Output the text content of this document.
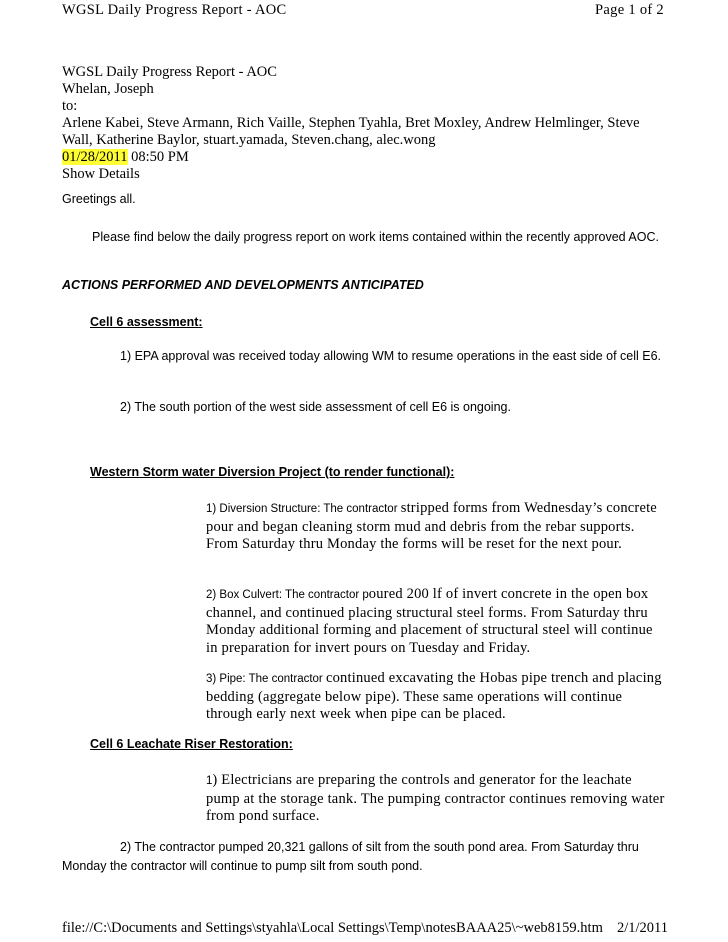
WGSL Daily Progress Report - AOC	Page 1 of 2
WGSL Daily Progress Report - AOC
Whelan, Joseph
to:
Arlene Kabei, Steve Armann, Rich Vaille, Stephen Tyahla, Bret Moxley, Andrew Helmlinger, Steve
Wall, Katherine Baylor, stuart.yamada, Steven.chang, alec.wong
01/28/2011 08:50 PM
Show Details
Greetings all.
Please find below the daily progress report on work items contained within the recently approved AOC.
ACTIONS PERFORMED AND DEVELOPMENTS ANTICIPATED
Cell 6 assessment:
1) EPA approval was received today allowing WM to resume operations in the east side of cell E6.
2) The south portion of the west side assessment of cell E6 is ongoing.
Western Storm water Diversion Project (to render functional):
1) Diversion Structure: The contractor stripped forms from Wednesday’s concrete pour and began cleaning storm mud and debris from the rebar supports. From Saturday thru Monday the forms will be reset for the next pour.
2) Box Culvert: The contractor poured 200 lf of invert concrete in the open box channel, and continued placing structural steel forms. From Saturday thru Monday additional forming and placement of structural steel will continue in preparation for invert pours on Tuesday and Friday.
3) Pipe: The contractor continued excavating the Hobas pipe trench and placing bedding (aggregate below pipe). These same operations will continue through early next week when pipe can be placed.
Cell 6 Leachate Riser Restoration:
1) Electricians are preparing the controls and generator for the leachate pump at the storage tank. The pumping contractor continues removing water from pond surface.
2) The contractor pumped 20,321 gallons of silt from the south pond area. From Saturday thru Monday the contractor will continue to pump silt from south pond.
file://C:\Documents and Settings\styahla\Local Settings\Temp\notesBAAA25\~web8159.htm 2/1/2011
